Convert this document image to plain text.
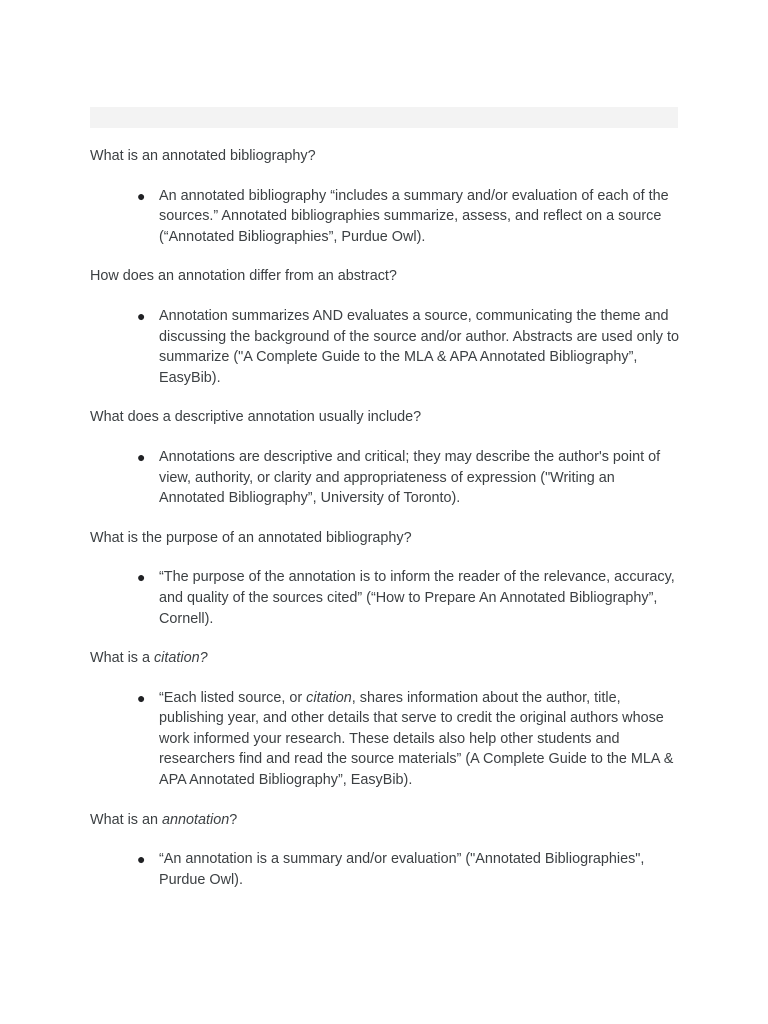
What is an annotated bibliography?

● An annotated bibliography “includes a summary and/or evaluation of each of the sources.” Annotated bibliographies summarize, assess, and reflect on a source (“Annotated Bibliographies”, Purdue Owl).

How does an annotation differ from an abstract?

● Annotation summarizes AND evaluates a source, communicating the theme and discussing the background of the source and/or author. Abstracts are used only to summarize ("A Complete Guide to the MLA & APA Annotated Bibliography”, EasyBib).

What does a descriptive annotation usually include?

● Annotations are descriptive and critical; they may describe the author's point of view, authority, or clarity and appropriateness of expression ("Writing an Annotated Bibliography”, University of Toronto).

What is the purpose of an annotated bibliography?

● “The purpose of the annotation is to inform the reader of the relevance, accuracy, and quality of the sources cited” (“How to Prepare An Annotated Bibliography”, Cornell).

What is a citation?

● “Each listed source, or citation, shares information about the author, title, publishing year, and other details that serve to credit the original authors whose work informed your research. These details also help other students and researchers find and read the source materials” (A Complete Guide to the MLA & APA Annotated Bibliography”, EasyBib).

What is an annotation?

● “An annotation is a summary and/or evaluation” ("Annotated Bibliographies", Purdue Owl).
